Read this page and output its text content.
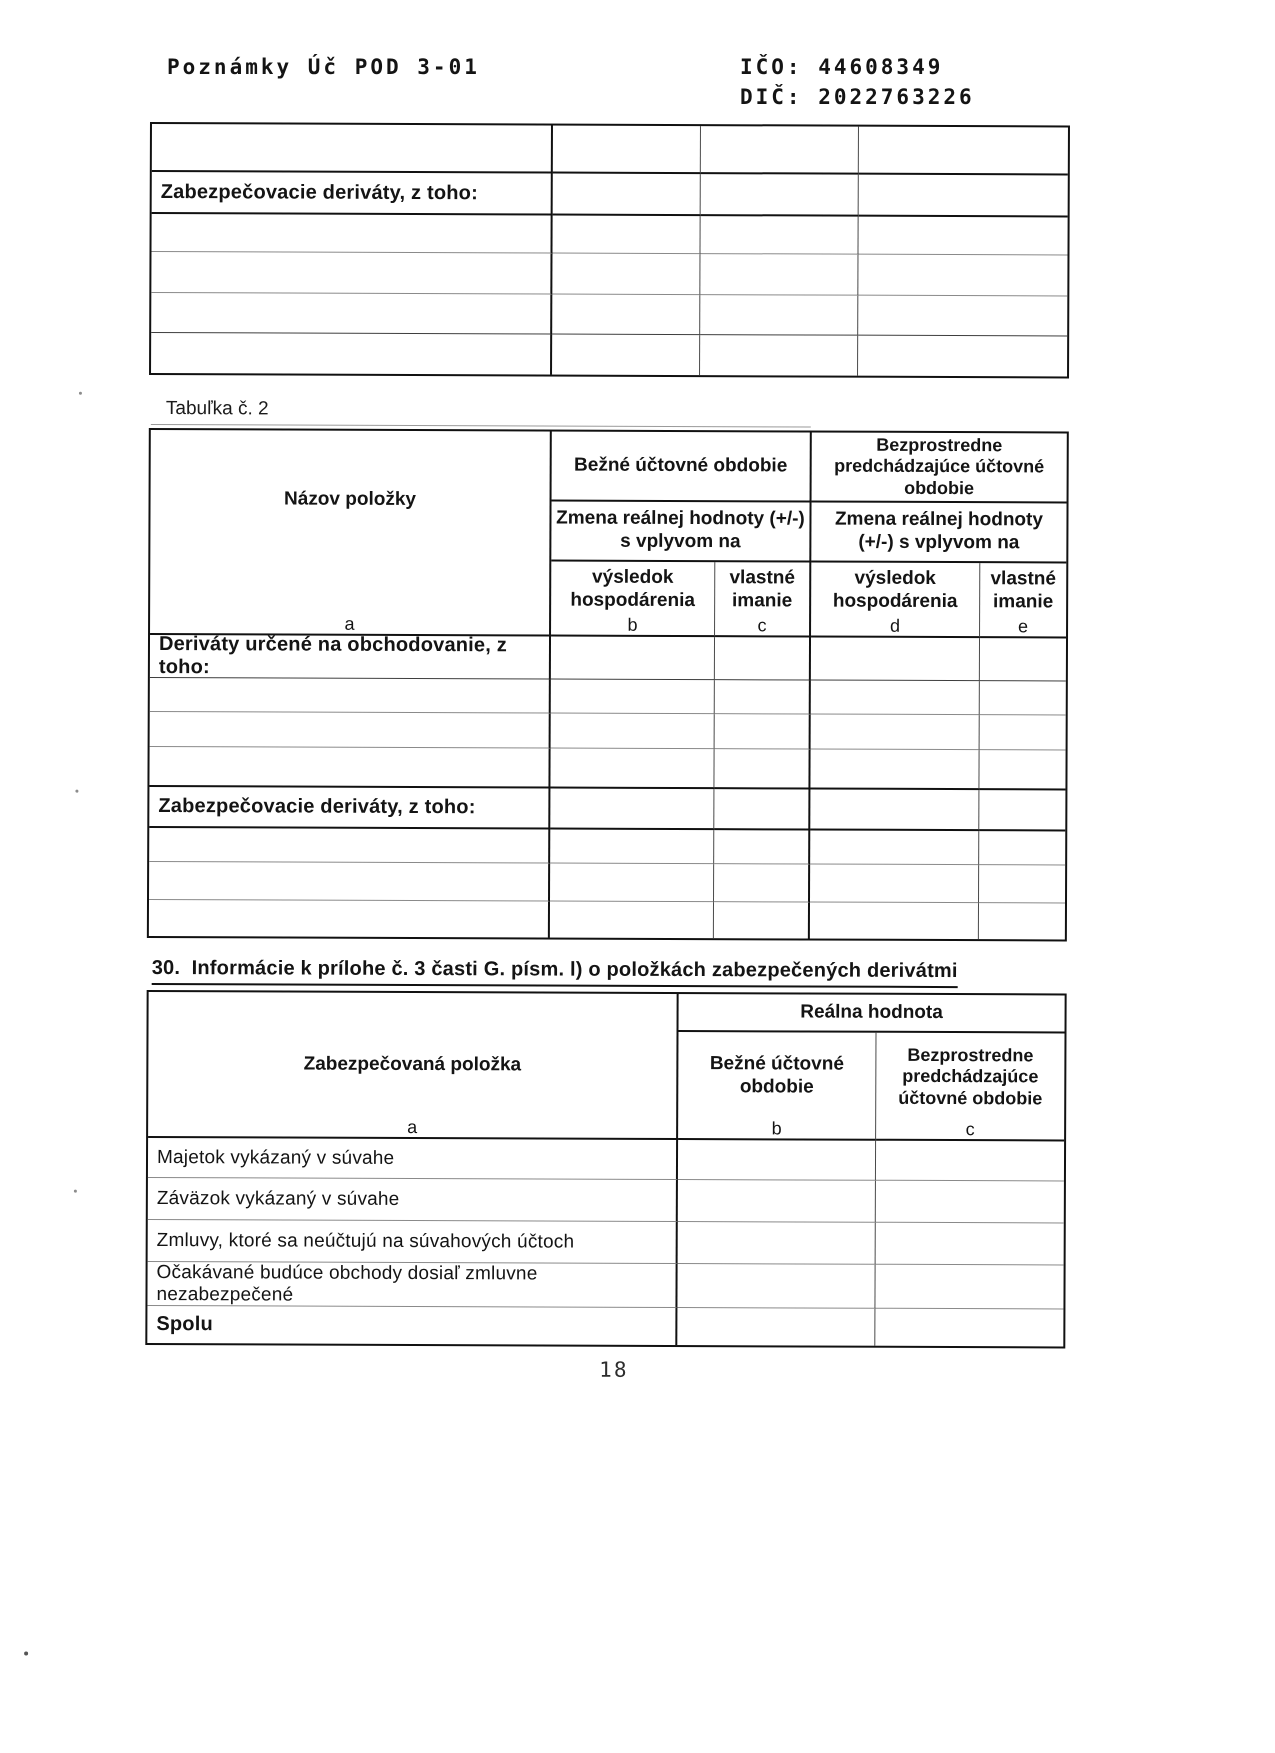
Poznámky Úč POD 3-01	IČO: 44608349
DIČ: 2022763226
Zabezpečovacie deriváty, z toho:
Tabuľka č. 2
Názov položky
a
Bežné účtovné obdobie
Bezprostredne predchádzajúce účtovné obdobie
Zmena reálnej hodnoty (+/-) s vplyvom na
Zmena reálnej hodnoty (+/-) s vplyvom na
výsledok hospodárenia
b
vlastné imanie
c
výsledok hospodárenia
d
vlastné imanie
e
Deriváty určené na obchodovanie, z toho:
Zabezpečovacie deriváty, z toho:
30.  Informácie k prílohe č. 3 časti G. písm. l) o položkách zabezpečených derivátmi
Zabezpečovaná položka
a
Reálna hodnota
Bežné účtovné obdobie
b
Bezprostredne predchádzajúce účtovné obdobie
c
Majetok vykázaný v súvahe
Záväzok vykázaný v súvahe
Zmluvy, ktoré sa neúčtujú na súvahových účtoch
Očakávané budúce obchody dosiaľ zmluvne nezabezpečené
Spolu
18
